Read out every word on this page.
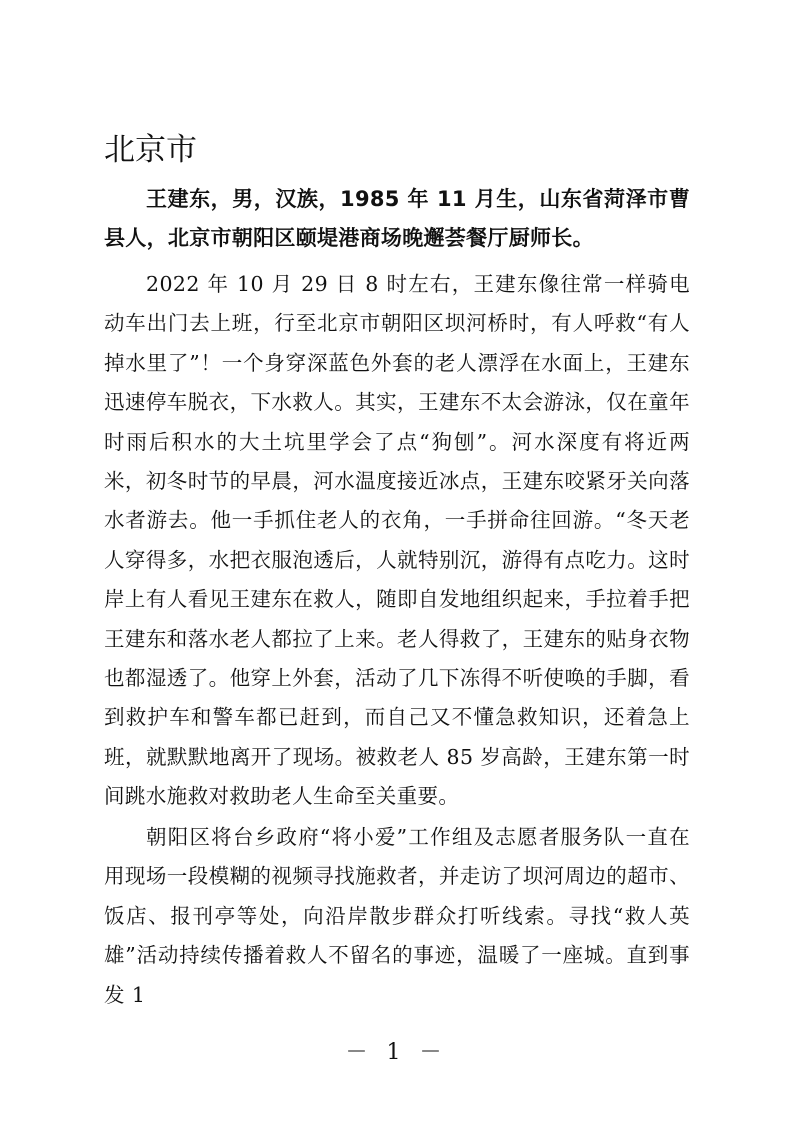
北京市

王建东，男，汉族，1985 年 11 月生，山东省菏泽市曹县人，北京市朝阳区颐堤港商场晚邂荟餐厅厨师长。

2022 年 10 月 29 日 8 时左右，王建东像往常一样骑电动车出门去上班，行至北京市朝阳区坝河桥时，有人呼救“有人掉水里了”！一个身穿深蓝色外套的老人漂浮在水面上，王建东迅速停车脱衣，下水救人。其实，王建东不太会游泳，仅在童年时雨后积水的大土坑里学会了点“狗刨”。河水深度有将近两米，初冬时节的早晨，河水温度接近冰点，王建东咬紧牙关向落水者游去。他一手抓住老人的衣角，一手拼命往回游。“冬天老人穿得多，水把衣服泡透后，人就特别沉，游得有点吃力。这时岸上有人看见王建东在救人，随即自发地组织起来，手拉着手把王建东和落水老人都拉了上来。老人得救了，王建东的贴身衣物也都湿透了。他穿上外套，活动了几下冻得不听使唤的手脚，看到救护车和警车都已赶到，而自己又不懂急救知识，还着急上班，就默默地离开了现场。被救老人 85 岁高龄，王建东第一时间跳水施救对救助老人生命至关重要。

朝阳区将台乡政府“将小爱”工作组及志愿者服务队一直在用现场一段模糊的视频寻找施救者，并走访了坝河周边的超市、饭店、报刊亭等处，向沿岸散步群众打听线索。寻找“救人英雄”活动持续传播着救人不留名的事迹，温暖了一座城。直到事发 1

－ 1 －
